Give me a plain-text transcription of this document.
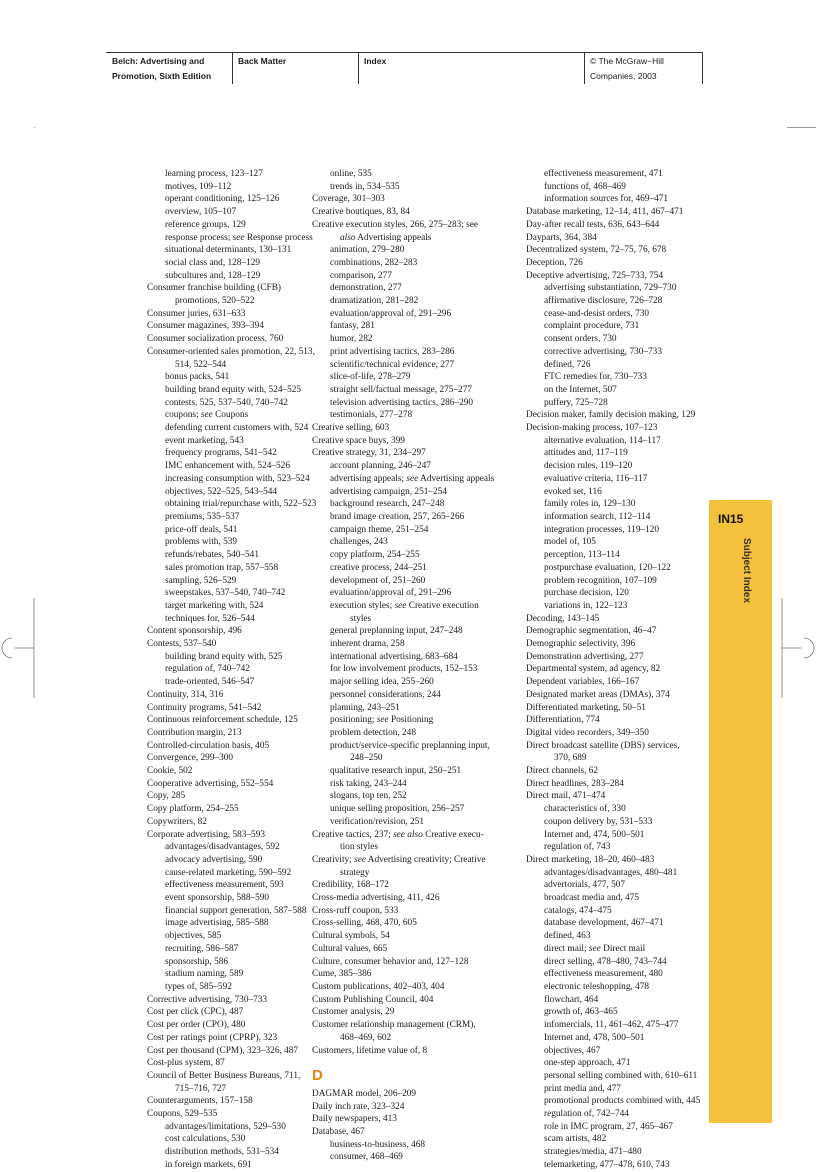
Belch: Advertising and
Promotion, Sixth Edition
Back Matter	Index	© The McGraw−Hill
Companies, 2003
learning process, 123–127
motives, 109–112
operant conditioning, 125–126
overview, 105–107
reference groups, 129
response process; see Response process
situational determinants, 130–131
social class and, 128–129
subcultures and, 128–129
Consumer franchise building (CFB)
promotions, 520–522
Consumer juries, 631–633
Consumer magazines, 393–394
Consumer socialization process, 760
Consumer-oriented sales promotion, 22, 513,
514, 522–544
bonus packs, 541
building brand equity with, 524–525
contests, 525, 537–540, 740–742
coupons; see Coupons
defending current customers with, 524
event marketing, 543
frequency programs, 541–542
IMC enhancement with, 524–526
increasing consumption with, 523–524
objectives, 522–525, 543–544
obtaining trial/repurchase with, 522–523
premiums, 535–537
price-off deals, 541
problems with, 539
refunds/rebates, 540–541
sales promotion trap, 557–558
sampling, 526–529
sweepstakes, 537–540, 740–742
target marketing with, 524
techniques for, 526–544
Content sponsorship, 496
Contests, 537–540
building brand equity with, 525
regulation of, 740–742
trade-oriented, 546–547
Continuity, 314, 316
Continuity programs, 541–542
Continuous reinforcement schedule, 125
Contribution margin, 213
Controlled-circulation basis, 405
Convergence, 299–300
Cookie, 502
Cooperative advertising, 552–554
Copy, 285
Copy platform, 254–255
Copywriters, 82
Corporate advertising, 583–593
advantages/disadvantages, 592
advocacy advertising, 590
cause-related marketing, 590–592
effectiveness measurement, 593
event sponsorship, 588–590
financial support generation, 587–588
image advertising, 585–588
objectives, 585
recruiting, 586–587
sponsorship, 586
stadium naming, 589
types of, 585–592
Corrective advertising, 730–733
Cost per click (CPC), 487
Cost per order (CPO), 480
Cost per ratings point (CPRP), 323
Cost per thousand (CPM), 323–326, 487
Cost-plus system, 87
Council of Better Business Bureaus, 711,
715–716, 727
Counterarguments, 157–158
Coupons, 529–535
advantages/limitations, 529–530
cost calculations, 530
distribution methods, 531–534
in foreign markets, 691
online, 535
trends in, 534–535
Coverage, 301–303
Creative boutiques, 83, 84
Creative execution styles, 266, 275–283; see
also Advertising appeals
animation, 279–280
combinations, 282–283
comparison, 277
demonstration, 277
dramatization, 281–282
evaluation/approval of, 291–296
fantasy, 281
humor, 282
print advertising tactics, 283–286
scientific/technical evidence, 277
slice-of-life, 278–279
straight sell/factual message, 275–277
television advertising tactics, 286–290
testimonials, 277–278
Creative selling, 603
Creative space buys, 399
Creative strategy, 31, 234–297
account planning, 246–247
advertising appeals; see Advertising appeals
advertising campaign, 251–254
background research, 247–248
brand image creation, 257, 265–266
campaign theme, 251–254
challenges, 243
copy platform, 254–255
creative process, 244–251
development of, 251–260
evaluation/approval of, 291–296
execution styles; see Creative execution
styles
general preplanning input, 247–248
inherent drama, 258
international advertising, 683–684
for low involvement products, 152–153
major selling idea, 255–260
personnel considerations, 244
planning, 243–251
positioning; see Positioning
problem detection, 248
product/service-specific preplanning input,
248–250
qualitative research input, 250–251
risk taking, 243–244
slogans, top ten, 252
unique selling proposition, 256–257
verification/revision, 251
Creative tactics, 237; see also Creative execu-
tion styles
Creativity; see Advertising creativity; Creative
strategy
Credibility, 168–172
Cross-media advertising, 411, 426
Cross-ruff coupon, 533
Cross-selling, 468, 470, 605
Cultural symbols, 54
Cultural values, 665
Culture, consumer behavior and, 127–128
Cume, 385–386
Custom publications, 402–403, 404
Custom Publishing Council, 404
Customer analysis, 29
Customer relationship management (CRM),
468–469, 602
Customers, lifetime value of, 8
D
DAGMAR model, 206–209
Daily inch rate, 323–324
Daily newspapers, 413
Database, 467
business-to-business, 468
consumer, 468–469
effectiveness measurement, 471
functions of, 468–469
information sources for, 469–471
Database marketing, 12–14, 411, 467–471
Day-after recall tests, 636, 643–644
Dayparts, 364, 384
Decentralized system, 72–75, 76, 678
Deception, 726
Deceptive advertising, 725–733, 754
advertising substantiation, 729–730
affirmative disclosure, 726–728
cease-and-desist orders, 730
complaint procedure, 731
consent orders, 730
corrective advertising, 730–733
defined, 726
FTC remedies for, 730–733
on the Internet, 507
puffery, 725–728
Decision maker, family decision making, 129
Decision-making process, 107–123
alternative evaluation, 114–117
attitudes and, 117–119
decision rules, 119–120
evaluative criteria, 116–117
evoked set, 116
family roles in, 129–130
information search, 112–114
integration processes, 119–120
model of, 105
perception, 113–114
postpurchase evaluation, 120–122
problem recognition, 107–109
purchase decision, 120
variations in, 122–123
Decoding, 143–145
Demographic segmentation, 46–47
Demographic selectivity, 396
Demonstration advertising, 277
Departmental system, ad agency, 82
Dependent variables, 166–167
Designated market areas (DMAs), 374
Differentiated marketing, 50–51
Differentiation, 774
Digital video recorders, 349–350
Direct broadcast satellite (DBS) services,
370, 689
Direct channels, 62
Direct headlines, 283–284
Direct mail, 471–474
characteristics of, 330
coupon delivery by, 531–533
Internet and, 474, 500–501
regulation of, 743
Direct marketing, 18–20, 460–483
advantages/disadvantages, 480–481
advertorials, 477, 507
broadcast media and, 475
catalogs, 474–475
database development, 467–471
defined, 463
direct mail; see Direct mail
direct selling, 478–480, 743–744
effectiveness measurement, 480
electronic teleshopping, 478
flowchart, 464
growth of, 463–465
infomercials, 11, 461–462, 475–477
Internet and, 478, 500–501
objectives, 467
one-step approach, 471
personal selling combined with, 610–611
print media and, 477
promotional products combined with, 445
regulation of, 742–744
role in IMC program, 27, 465–467
scam artists, 482
strategies/media, 471–480
telemarketing, 477–478, 610, 743
IN15
Subject Index
